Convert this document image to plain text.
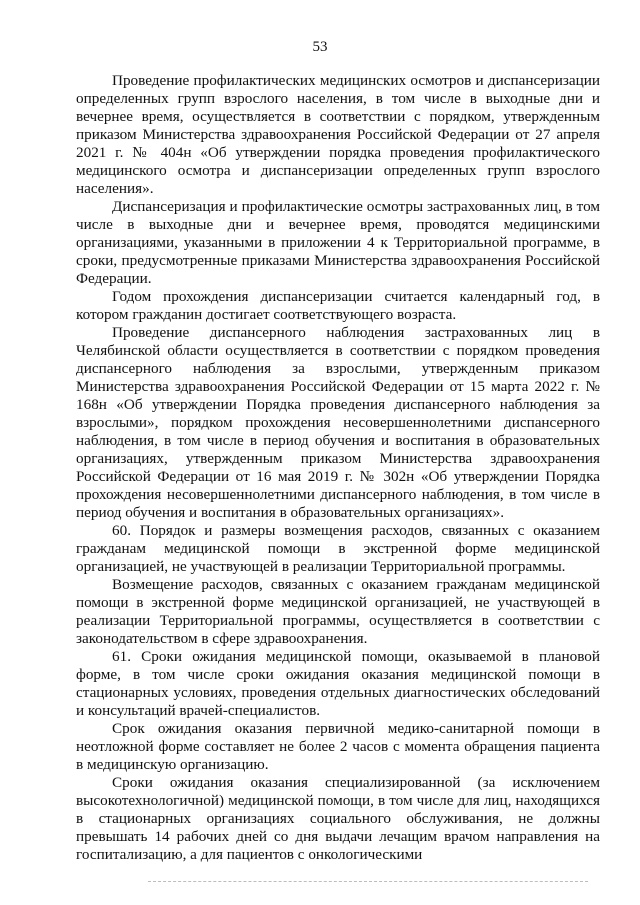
53

Проведение профилактических медицинских осмотров и диспансеризации определенных групп взрослого населения, в том числе в выходные дни и вечернее время, осуществляется в соответствии с порядком, утвержденным приказом Министерства здравоохранения Российской Федерации от 27 апреля 2021 г. № 404н «Об утверждении порядка проведения профилактического медицинского осмотра и диспансеризации определенных групп взрослого населения».

Диспансеризация и профилактические осмотры застрахованных лиц, в том числе в выходные дни и вечернее время, проводятся медицинскими организациями, указанными в приложении 4 к Территориальной программе, в сроки, предусмотренные приказами Министерства здравоохранения Российской Федерации.

Годом прохождения диспансеризации считается календарный год, в котором гражданин достигает соответствующего возраста.

Проведение диспансерного наблюдения застрахованных лиц в Челябинской области осуществляется в соответствии с порядком проведения диспансерного наблюдения за взрослыми, утвержденным приказом Министерства здравоохранения Российской Федерации от 15 марта 2022 г. № 168н «Об утверждении Порядка проведения диспансерного наблюдения за взрослыми», порядком прохождения несовершеннолетними диспансерного наблюдения, в том числе в период обучения и воспитания в образовательных организациях, утвержденным приказом Министерства здравоохранения Российской Федерации от 16 мая 2019 г. № 302н «Об утверждении Порядка прохождения несовершеннолетними диспансерного наблюдения, в том числе в период обучения и воспитания в образовательных организациях».

60. Порядок и размеры возмещения расходов, связанных с оказанием гражданам медицинской помощи в экстренной форме медицинской организацией, не участвующей в реализации Территориальной программы.

Возмещение расходов, связанных с оказанием гражданам медицинской помощи в экстренной форме медицинской организацией, не участвующей в реализации Территориальной программы, осуществляется в соответствии с законодательством в сфере здравоохранения.

61. Сроки ожидания медицинской помощи, оказываемой в плановой форме, в том числе сроки ожидания оказания медицинской помощи в стационарных условиях, проведения отдельных диагностических обследований и консультаций врачей-специалистов.

Срок ожидания оказания первичной медико-санитарной помощи в неотложной форме составляет не более 2 часов с момента обращения пациента в медицинскую организацию.

Сроки ожидания оказания специализированной (за исключением высокотехнологичной) медицинской помощи, в том числе для лиц, находящихся в стационарных организациях социального обслуживания, не должны превышать 14 рабочих дней со дня выдачи лечащим врачом направления на госпитализацию, а для пациентов с онкологическими
